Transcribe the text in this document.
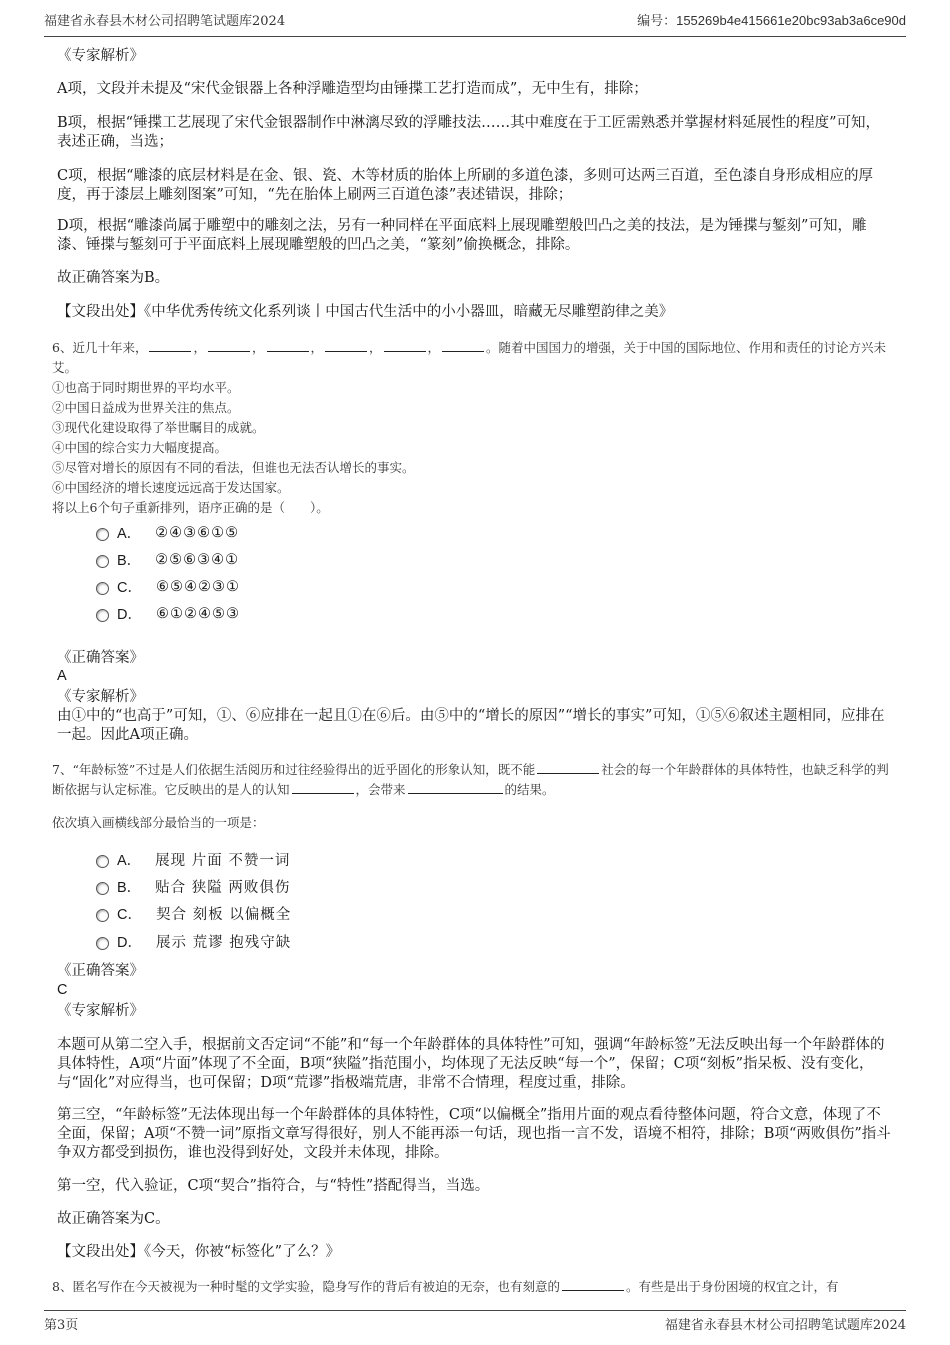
福建省永春县木材公司招聘笔试题库2024	编号：155269b4e415661e20bc93ab3a6ce90d
《专家解析》
A项，文段并未提及“宋代金银器上各种浮雕造型均由锤揲工艺打造而成”，无中生有，排除；
B项，根据“锤揲工艺展现了宋代金银器制作中淋漓尽致的浮雕技法……其中难度在于工匠需熟悉并掌握材料延展性的程度”可知，表述正确，当选；
C项，根据“雕漆的底层材料是在金、银、瓷、木等材质的胎体上所刷的多道色漆，多则可达两三百道，至色漆自身形成相应的厚度，再于漆层上雕刻图案”可知，“先在胎体上刷两三百道色漆”表述错误，排除；
D项，根据“雕漆尚属于雕塑中的雕刻之法，另有一种同样在平面底料上展现雕塑般凹凸之美的技法，是为锤揲与錾刻”可知，雕漆、锤揲与錾刻可于平面底料上展现雕塑般的凹凸之美，“篆刻”偷换概念，排除。
故正确答案为B。
【文段出处】《中华优秀传统文化系列谈丨中国古代生活中的小小器皿，暗藏无尽雕塑韵律之美》
6、近几十年来，	，	，	，	，	，	。随着中国国力的增强，关于中国的国际地位、作用和责任的讨论方兴未艾。
①也高于同时期世界的平均水平。
②中国日益成为世界关注的焦点。
③现代化建设取得了举世瞩目的成就。
④中国的综合实力大幅度提高。
⑤尽管对增长的原因有不同的看法，但谁也无法否认增长的事实。
⑥中国经济的增长速度远远高于发达国家。
将以上6个句子重新排列，语序正确的是（　　）。
A． ②④③⑥①⑤
B． ②⑤⑥③④①
C． ⑥⑤④②③①
D． ⑥①②④⑤③
《正确答案》
A
《专家解析》
由①中的“也高于”可知，①、⑥应排在一起且①在⑥后。由⑤中的“增长的原因”“增长的事实”可知，①⑤⑥叙述主题相同，应排在一起。因此A项正确。
7、“年龄标签”不过是人们依据生活阅历和过往经验得出的近乎固化的形象认知，既不能	社会的每一个年龄群体的具体特性，也缺乏科学的判断依据与认定标准。它反映出的是人的认知	，会带来	的结果。
依次填入画横线部分最恰当的一项是：
A． 展现 片面 不赞一词
B． 贴合 狭隘 两败俱伤
C． 契合 刻板 以偏概全
D． 展示 荒谬 抱残守缺
《正确答案》
C
《专家解析》
本题可从第二空入手，根据前文否定词“不能”和“每一个年龄群体的具体特性”可知，强调“年龄标签”无法反映出每一个年龄群体的具体特性，A项“片面”体现了不全面，B项“狭隘”指范围小，均体现了无法反映“每一个”，保留；C项“刻板”指呆板、没有变化，与“固化”对应得当，也可保留；D项“荒谬”指极端荒唐，非常不合情理，程度过重，排除。
第三空，“年龄标签”无法体现出每一个年龄群体的具体特性，C项“以偏概全”指用片面的观点看待整体问题，符合文意，体现了不全面，保留；A项“不赞一词”原指文章写得很好，别人不能再添一句话，现也指一言不发，语境不相符，排除；B项“两败俱伤”指斗争双方都受到损伤，谁也没得到好处，文段并未体现，排除。
第一空，代入验证，C项“契合”指符合，与“特性”搭配得当，当选。
故正确答案为C。
【文段出处】《今天，你被“标签化”了么？》
8、匿名写作在今天被视为一种时髦的文学实验，隐身写作的背后有被迫的无奈，也有刻意的	。有些是出于身份困境的权宜之计，有
第3页	福建省永春县木材公司招聘笔试题库2024
